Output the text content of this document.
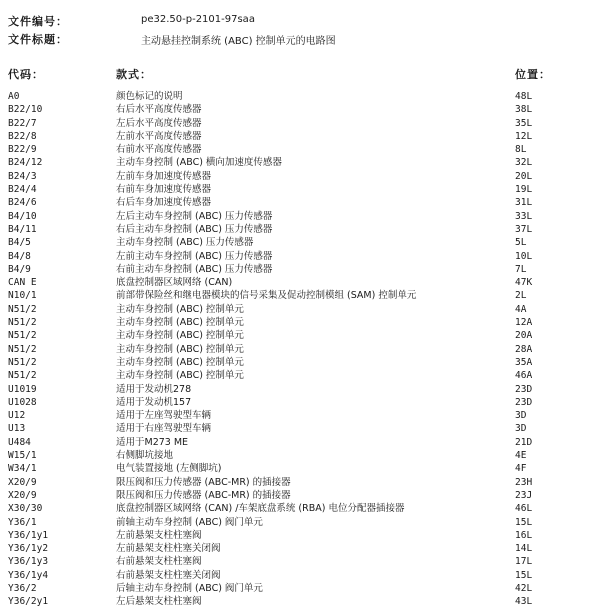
文件编号：	pe32.50-p-2101-97saa
文件标题：	主动悬挂控制系统 (ABC) 控制单元的电路图
代码：	款式：	位置：
A0	颜色标记的说明	48L
B22/10	右后水平高度传感器	38L
B22/7	左后水平高度传感器	35L
B22/8	左前水平高度传感器	12L
B22/9	右前水平高度传感器	8L
B24/12	主动车身控制 (ABC) 横向加速度传感器	32L
B24/3	左前车身加速度传感器	20L
B24/4	右前车身加速度传感器	19L
B24/6	右后车身加速度传感器	31L
B4/10	左后主动车身控制 (ABC) 压力传感器	33L
B4/11	右后主动车身控制 (ABC) 压力传感器	37L
B4/5	主动车身控制 (ABC) 压力传感器	5L
B4/8	左前主动车身控制 (ABC) 压力传感器	10L
B4/9	右前主动车身控制 (ABC) 压力传感器	7L
CAN E	底盘控制器区域网络 (CAN)	47K
N10/1	前部带保险丝和继电器模块的信号采集及促动控制模组 (SAM) 控制单元	2L
N51/2	主动车身控制 (ABC) 控制单元	4A
N51/2	主动车身控制 (ABC) 控制单元	12A
N51/2	主动车身控制 (ABC) 控制单元	20A
N51/2	主动车身控制 (ABC) 控制单元	28A
N51/2	主动车身控制 (ABC) 控制单元	35A
N51/2	主动车身控制 (ABC) 控制单元	46A
U1019	适用于发动机278	23D
U1028	适用于发动机157	23D
U12	适用于左座驾驶型车辆	3D
U13	适用于右座驾驶型车辆	3D
U484	适用于M273 ME	21D
W15/1	右侧脚坑接地	4E
W34/1	电气装置接地 (左侧脚坑)	4F
X20/9	限压阀和压力传感器 (ABC-MR) 的插接器	23H
X20/9	限压阀和压力传感器 (ABC-MR) 的插接器	23J
X30/30	底盘控制器区域网络 (CAN) /车架底盘系统 (RBA) 电位分配器插接器	46L
Y36/1	前轴主动车身控制 (ABC) 阀门单元	15L
Y36/1y1	左前悬架支柱柱塞阀	16L
Y36/1y2	左前悬架支柱柱塞关闭阀	14L
Y36/1y3	右前悬架支柱柱塞阀	17L
Y36/1y4	右前悬架支柱柱塞关闭阀	15L
Y36/2	后轴主动车身控制 (ABC) 阀门单元	42L
Y36/2y1	左后悬架支柱柱塞阀	43L
